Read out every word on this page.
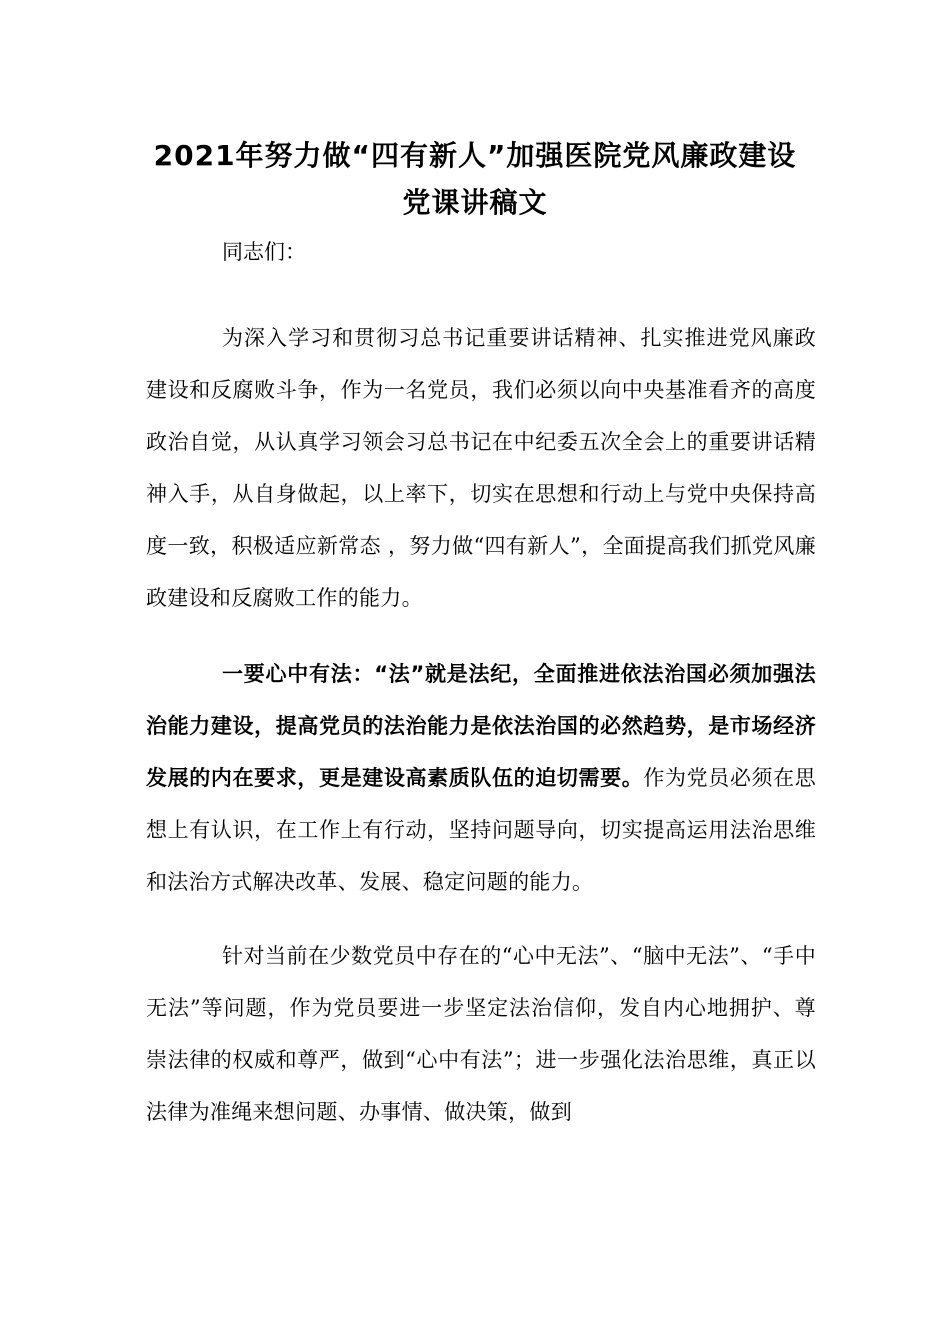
2021年努力做“四有新人”加强医院党风廉政建设
党课讲稿文

同志们：

为深入学习和贯彻习总书记重要讲话精神、扎实推进党风廉政建设和反腐败斗争，作为一名党员，我们必须以向中央基准看齐的高度政治自觉，从认真学习领会习总书记在中纪委五次全会上的重要讲话精神入手，从自身做起，以上率下，切实在思想和行动上与党中央保持高度一致，积极适应新常态 ，努力做“四有新人”，全面提高我们抓党风廉政建设和反腐败工作的能力。

一要心中有法：“法”就是法纪，全面推进依法治国必须加强法治能力建设，提高党员的法治能力是依法治国的必然趋势，是市场经济发展的内在要求，更是建设高素质队伍的迫切需要。作为党员必须在思想上有认识，在工作上有行动，坚持问题导向，切实提高运用法治思维和法治方式解决改革、发展、稳定问题的能力。

针对当前在少数党员中存在的“心中无法”、“脑中无法”、“手中无法”等问题，作为党员要进一步坚定法治信仰，发自内心地拥护、尊崇法律的权威和尊严，做到“心中有法”；进一步强化法治思维，真正以法律为准绳来想问题、办事情、做决策，做到
